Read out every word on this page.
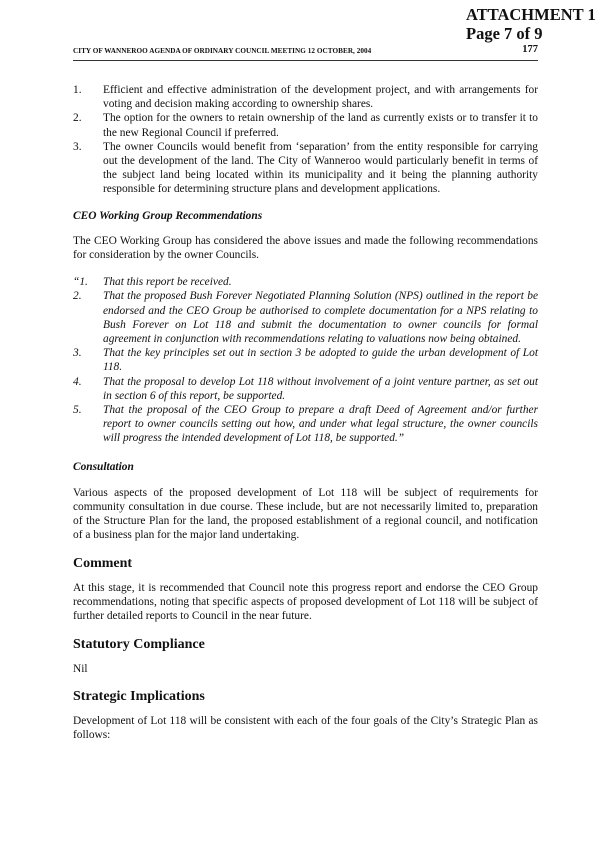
ATTACHMENT 1
Page 7 of 9
CITY OF WANNEROO AGENDA OF ORDINARY COUNCIL MEETING 12 OCTOBER, 2004	177
1.	Efficient and effective administration of the development project, and with arrangements for voting and decision making according to ownership shares.
2.	The option for the owners to retain ownership of the land as currently exists or to transfer it to the new Regional Council if preferred.
3.	The owner Councils would benefit from ‘separation’ from the entity responsible for carrying out the development of the land. The City of Wanneroo would particularly benefit in terms of the subject land being located within its municipality and it being the planning authority responsible for determining structure plans and development applications.

CEO Working Group Recommendations

The CEO Working Group has considered the above issues and made the following recommendations for consideration by the owner Councils.

“1.	That this report be received.
2.	That the proposed Bush Forever Negotiated Planning Solution (NPS) outlined in the report be endorsed and the CEO Group be authorised to complete documentation for a NPS relating to Bush Forever on Lot 118 and submit the documentation to owner councils for formal agreement in conjunction with recommendations relating to valuations now being obtained.
3.	That the key principles set out in section 3 be adopted to guide the urban development of Lot 118.
4.	That the proposal to develop Lot 118 without involvement of a joint venture partner, as set out in section 6 of this report, be supported.
5.	That the proposal of the CEO Group to prepare a draft Deed of Agreement and/or further report to owner councils setting out how, and under what legal structure, the owner councils will progress the intended development of Lot 118, be supported.”

Consultation

Various aspects of the proposed development of Lot 118 will be subject of requirements for community consultation in due course. These include, but are not necessarily limited to, preparation of the Structure Plan for the land, the proposed establishment of a regional council, and notification of a business plan for the major land undertaking.

Comment

At this stage, it is recommended that Council note this progress report and endorse the CEO Group recommendations, noting that specific aspects of proposed development of Lot 118 will be subject of further detailed reports to Council in the near future.

Statutory Compliance

Nil

Strategic Implications

Development of Lot 118 will be consistent with each of the four goals of the City’s Strategic Plan as follows:
